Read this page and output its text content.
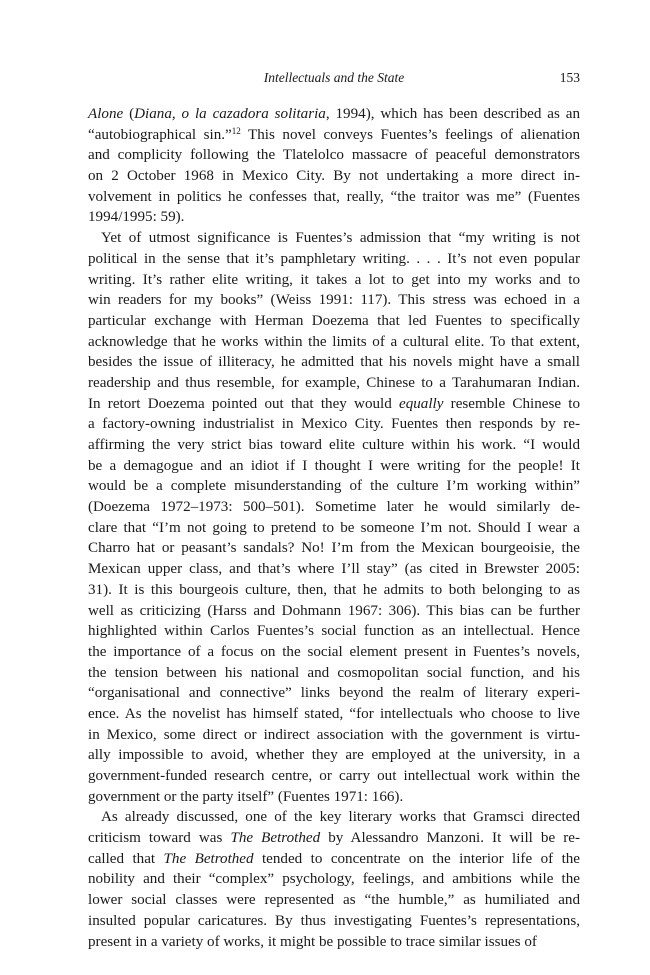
Intellectuals and the State	153
Alone (Diana, o la cazadora solitaria, 1994), which has been described as an
“autobiographical sin.”$^{12}$ This novel conveys Fuentes’s feelings of alienation
and complicity following the Tlatelolco massacre of peaceful demonstrators
on 2 October 1968 in Mexico City. By not undertaking a more direct in-
volvement in politics he confesses that, really, “the traitor was me” (Fuentes
1994/1995: 59).
Yet of utmost significance is Fuentes’s admission that “my writing is not
political in the sense that it’s pamphletary writing. . . . It’s not even popular
writing. It’s rather elite writing, it takes a lot to get into my works and to
win readers for my books” (Weiss 1991: 117). This stress was echoed in a
particular exchange with Herman Doezema that led Fuentes to specifically
acknowledge that he works within the limits of a cultural elite. To that extent,
besides the issue of illiteracy, he admitted that his novels might have a small
readership and thus resemble, for example, Chinese to a Tarahumaran Indian.
In retort Doezema pointed out that they would equally resemble Chinese to
a factory-owning industrialist in Mexico City. Fuentes then responds by re-
affirming the very strict bias toward elite culture within his work. “I would
be a demagogue and an idiot if I thought I were writing for the people! It
would be a complete misunderstanding of the culture I’m working within”
(Doezema 1972–1973: 500–501). Sometime later he would similarly de-
clare that “I’m not going to pretend to be someone I’m not. Should I wear a
Charro hat or peasant’s sandals? No! I’m from the Mexican bourgeoisie, the
Mexican upper class, and that’s where I’ll stay” (as cited in Brewster 2005:
31). It is this bourgeois culture, then, that he admits to both belonging to as
well as criticizing (Harss and Dohmann 1967: 306). This bias can be further
highlighted within Carlos Fuentes’s social function as an intellectual. Hence
the importance of a focus on the social element present in Fuentes’s novels,
the tension between his national and cosmopolitan social function, and his
“organisational and connective” links beyond the realm of literary experi-
ence. As the novelist has himself stated, “for intellectuals who choose to live
in Mexico, some direct or indirect association with the government is virtu-
ally impossible to avoid, whether they are employed at the university, in a
government-funded research centre, or carry out intellectual work within the
government or the party itself” (Fuentes 1971: 166).
As already discussed, one of the key literary works that Gramsci directed
criticism toward was The Betrothed by Alessandro Manzoni. It will be re-
called that The Betrothed tended to concentrate on the interior life of the
nobility and their “complex” psychology, feelings, and ambitions while the
lower social classes were represented as “the humble,” as humiliated and
insulted popular caricatures. By thus investigating Fuentes’s representations,
present in a variety of works, it might be possible to trace similar issues of
